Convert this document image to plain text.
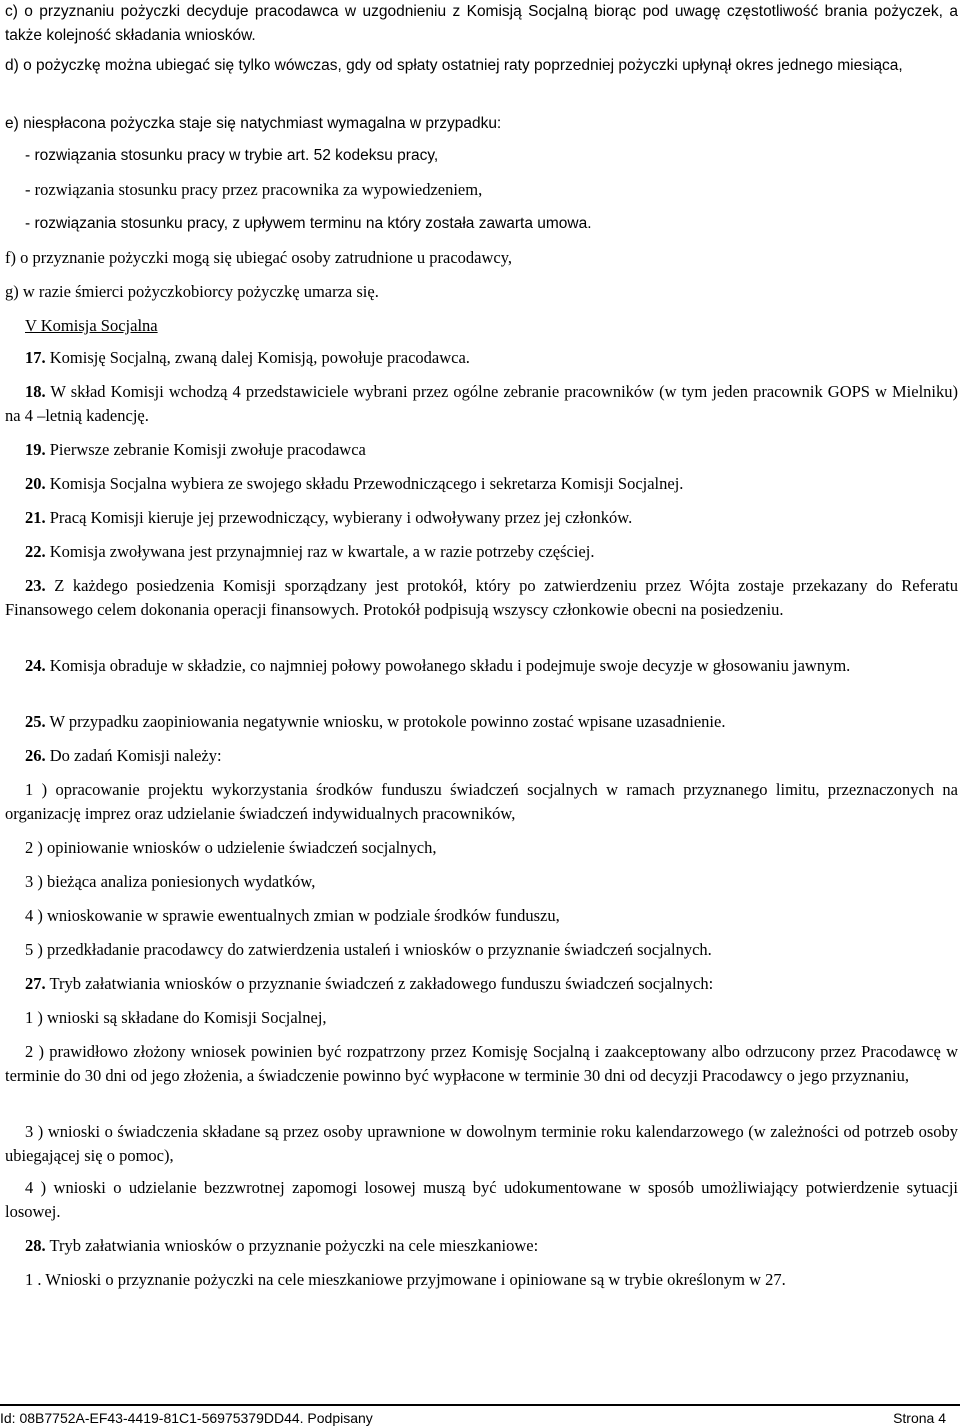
c) o przyznaniu pożyczki decyduje pracodawca w uzgodnieniu z Komisją Socjalną biorąc pod uwagę częstotliwość brania pożyczek, a także kolejność składania wniosków.

d) o pożyczkę można ubiegać się tylko wówczas, gdy od spłaty ostatniej raty poprzedniej pożyczki upłynął okres jednego miesiąca,

e) niespłacona pożyczka staje się natychmiast wymagalna w przypadku:

- rozwiązania stosunku pracy w trybie art. 52 kodeksu pracy,

- rozwiązania stosunku pracy przez pracownika za wypowiedzeniem,

- rozwiązania stosunku pracy, z upływem terminu na który została zawarta umowa.

f) o przyznanie pożyczki mogą się ubiegać osoby zatrudnione u pracodawcy,

g) w razie śmierci pożyczkobiorcy pożyczkę umarza się.

V Komisja Socjalna

17. Komisję Socjalną, zwaną dalej Komisją, powołuje pracodawca.

18. W skład Komisji wchodzą 4 przedstawiciele wybrani przez ogólne zebranie pracowników (w tym jeden pracownik GOPS w Mielniku) na 4 –letnią kadencję.

19. Pierwsze zebranie Komisji zwołuje pracodawca

20. Komisja Socjalna wybiera ze swojego składu Przewodniczącego i sekretarza Komisji Socjalnej.

21. Pracą Komisji kieruje jej przewodniczący, wybierany i odwoływany przez jej członków.

22. Komisja zwoływana jest przynajmniej raz w kwartale, a w razie potrzeby częściej.

23. Z każdego posiedzenia Komisji sporządzany jest protokół, który po zatwierdzeniu przez Wójta zostaje przekazany do Referatu Finansowego celem dokonania operacji finansowych. Protokół podpisują wszyscy członkowie obecni na posiedzeniu.

24. Komisja obraduje w składzie, co najmniej połowy powołanego składu i podejmuje swoje decyzje w głosowaniu jawnym.

25. W przypadku zaopiniowania negatywnie wniosku, w protokole powinno zostać wpisane uzasadnienie.

26. Do zadań Komisji należy:

1 ) opracowanie projektu wykorzystania środków funduszu świadczeń socjalnych w ramach przyznanego limitu, przeznaczonych na organizację imprez oraz udzielanie świadczeń indywidualnych pracowników,

2 ) opiniowanie wniosków o udzielenie świadczeń socjalnych,

3 ) bieżąca analiza poniesionych wydatków,

4 ) wnioskowanie w sprawie ewentualnych zmian w podziale środków funduszu,

5 ) przedkładanie pracodawcy do zatwierdzenia ustaleń i wniosków o przyznanie świadczeń socjalnych.

27. Tryb załatwiania wniosków o przyznanie świadczeń z zakładowego funduszu świadczeń socjalnych:

1 ) wnioski są składane do Komisji Socjalnej,

2 ) prawidłowo złożony wniosek powinien być rozpatrzony przez Komisję Socjalną i zaakceptowany albo odrzucony przez Pracodawcę w terminie do 30 dni od jego złożenia, a świadczenie powinno być wypłacone w terminie 30 dni od decyzji Pracodawcy o jego przyznaniu,

3 ) wnioski o świadczenia składane są przez osoby uprawnione w dowolnym terminie roku kalendarzowego (w zależności od potrzeb osoby ubiegającej się o pomoc),

4 ) wnioski o udzielanie bezzwrotnej zapomogi losowej muszą być udokumentowane w sposób umożliwiający potwierdzenie sytuacji losowej.

28. Tryb załatwiania wniosków o przyznanie pożyczki na cele mieszkaniowe:

1 . Wnioski o przyznanie pożyczki na cele mieszkaniowe przyjmowane i opiniowane są w trybie określonym w 27.

Id: 08B7752A-EF43-4419-81C1-56975379DD44. Podpisany	Strona 4
